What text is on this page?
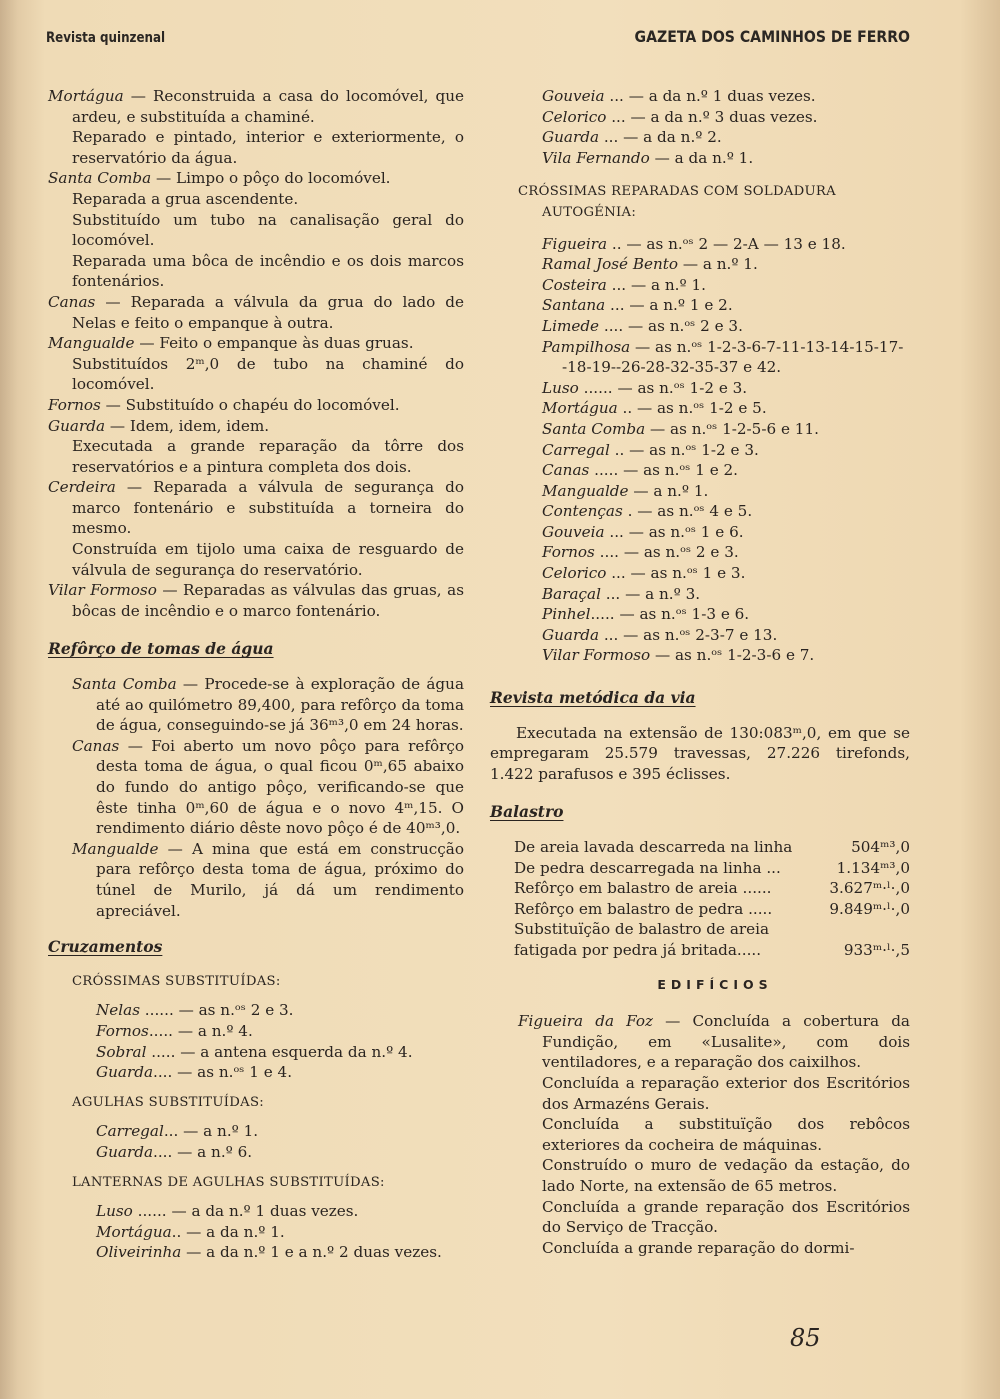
Revista quinzenal	GAZETA DOS CAMINHOS DE FERRO

Mortágua — Reconstruida a casa do locomóvel, que ardeu, e substituída a chaminé.
Reparado e pintado, interior e exteriormente, o reservatório da água.

Santa Comba — Limpo o pôço do locomóvel.
Reparada a grua ascendente.
Substituído um tubo na canalisação geral do locomóvel.
Reparada uma bôca de incêndio e os dois marcos fontenários.

Canas — Reparada a válvula da grua do lado de Nelas e feito o empanque à outra.

Mangualde — Feito o empanque às duas gruas.
Substituídos 2ᵐ,0 de tubo na chaminé do locomóvel.

Fornos — Substituído o chapéu do locomóvel.

Guarda — Idem, idem, idem.
Executada a grande reparação da tôrre dos reservatórios e a pintura completa dos dois.

Cerdeira — Reparada a válvula de segurança do marco fontenário e substituída a torneira do mesmo.
Construída em tijolo uma caixa de resguardo de válvula de segurança do reservatório.

Vilar Formoso — Reparadas as válvulas das gruas, as bôcas de incêndio e o marco fontenário.

Refôrço de tomas de água

Santa Comba — Procede-se à exploração de água até ao quilómetro 89,400, para refôrço da toma de água, conseguindo-se já 36ᵐ³,0 em 24 horas.

Canas — Foi aberto um novo pôço para refôrço desta toma de água, o qual ficou 0ᵐ,65 abaixo do fundo do antigo pôço, verificando-se que êste tinha 0ᵐ,60 de água e o novo 4ᵐ,15. O rendimento diário dêste novo pôço é de 40ᵐ³,0.

Mangualde — A mina que está em construcção para refôrço desta toma de água, próximo do túnel de Murilo, já dá um rendimento apreciável.

Cruzamentos
CRÓSSIMAS SUBSTITUÍDAS:
Nelas ...... — as n.ᵒˢ 2 e 3.
Fornos..... — a n.º 4.
Sobral ..... — a antena esquerda da n.º 4.
Guarda.... — as n.ᵒˢ 1 e 4.
AGULHAS SUBSTITUÍDAS:
Carregal... — a n.º 1.
Guarda.... — a n.º 6.
LANTERNAS DE AGULHAS SUBSTITUÍDAS:
Luso ...... — a da n.º 1 duas vezes.
Mortágua.. — a da n.º 1.
Oliveirinha — a da n.º 1 e a n.º 2 duas vezes.
Gouveia ... — a da n.º 1 duas vezes.
Celorico ... — a da n.º 3 duas vezes.
Guarda ... — a da n.º 2.
Vila Fernando — a da n.º 1.
CRÓSSIMAS REPARADAS COM SOLDADURA AUTOGÉNIA:
Figueira .. — as n.ᵒˢ 2 — 2-A — 13 e 18.
Ramal José Bento — a n.º 1.
Costeira ... — a n.º 1.
Santana ... — a n.º 1 e 2.
Limede .... — as n.ᵒˢ 2 e 3.
Pampilhosa — as n.ᵒˢ 1-2-3-6-7-11-13-14-15-17--18-19--26-28-32-35-37 e 42.
Luso ...... — as n.ᵒˢ 1-2 e 3.
Mortágua .. — as n.ᵒˢ 1-2 e 5.
Santa Comba — as n.ᵒˢ 1-2-5-6 e 11.
Carregal .. — as n.ᵒˢ 1-2 e 3.
Canas ..... — as n.ᵒˢ 1 e 2.
Mangualde — a n.º 1.
Contenças . — as n.ᵒˢ 4 e 5.
Gouveia ... — as n.ᵒˢ 1 e 6.
Fornos .... — as n.ᵒˢ 2 e 3.
Celorico ... — as n.ᵒˢ 1 e 3.
Baraçal ... — a n.º 3.
Pinhel..... — as n.ᵒˢ 1-3 e 6.
Guarda ... — as n.ᵒˢ 2-3-7 e 13.
Vilar Formoso — as n.ᵒˢ 1-2-3-6 e 7.
Revista metódica da via

Executada na extensão de 130:083ᵐ,0, em que se empregaram 25.579 travessas, 27.226 tirefonds, 1.422 parafusos e 395 éclisses.

Balastro
De areia lavada descarreda na linha	504ᵐ³,0
De pedra descarregada na linha ...	1.134ᵐ³,0
Refôrço em balastro de areia ......	3.627ᵐ·ˡ·,0
Refôrço em balastro de pedra .....	9.849ᵐ·ˡ·,0
Substituïção de balastro de areia fatigada por pedra já britada.....	933ᵐ·ˡ·,5
EDIFÍCIOS

Figueira da Foz — Concluída a cobertura da Fundição, em «Lusalite», com dois ventiladores, e a reparação dos caixilhos.
Concluída a reparação exterior dos Escritórios dos Armazéns Gerais.
Concluída a substituïção dos rebôcos exteriores da cocheira de máquinas.
Construído o muro de vedação da estação, do lado Norte, na extensão de 65 metros.
Concluída a grande reparação dos Escritórios do Serviço de Tracção.
Concluída a grande reparação do dormi-

85
